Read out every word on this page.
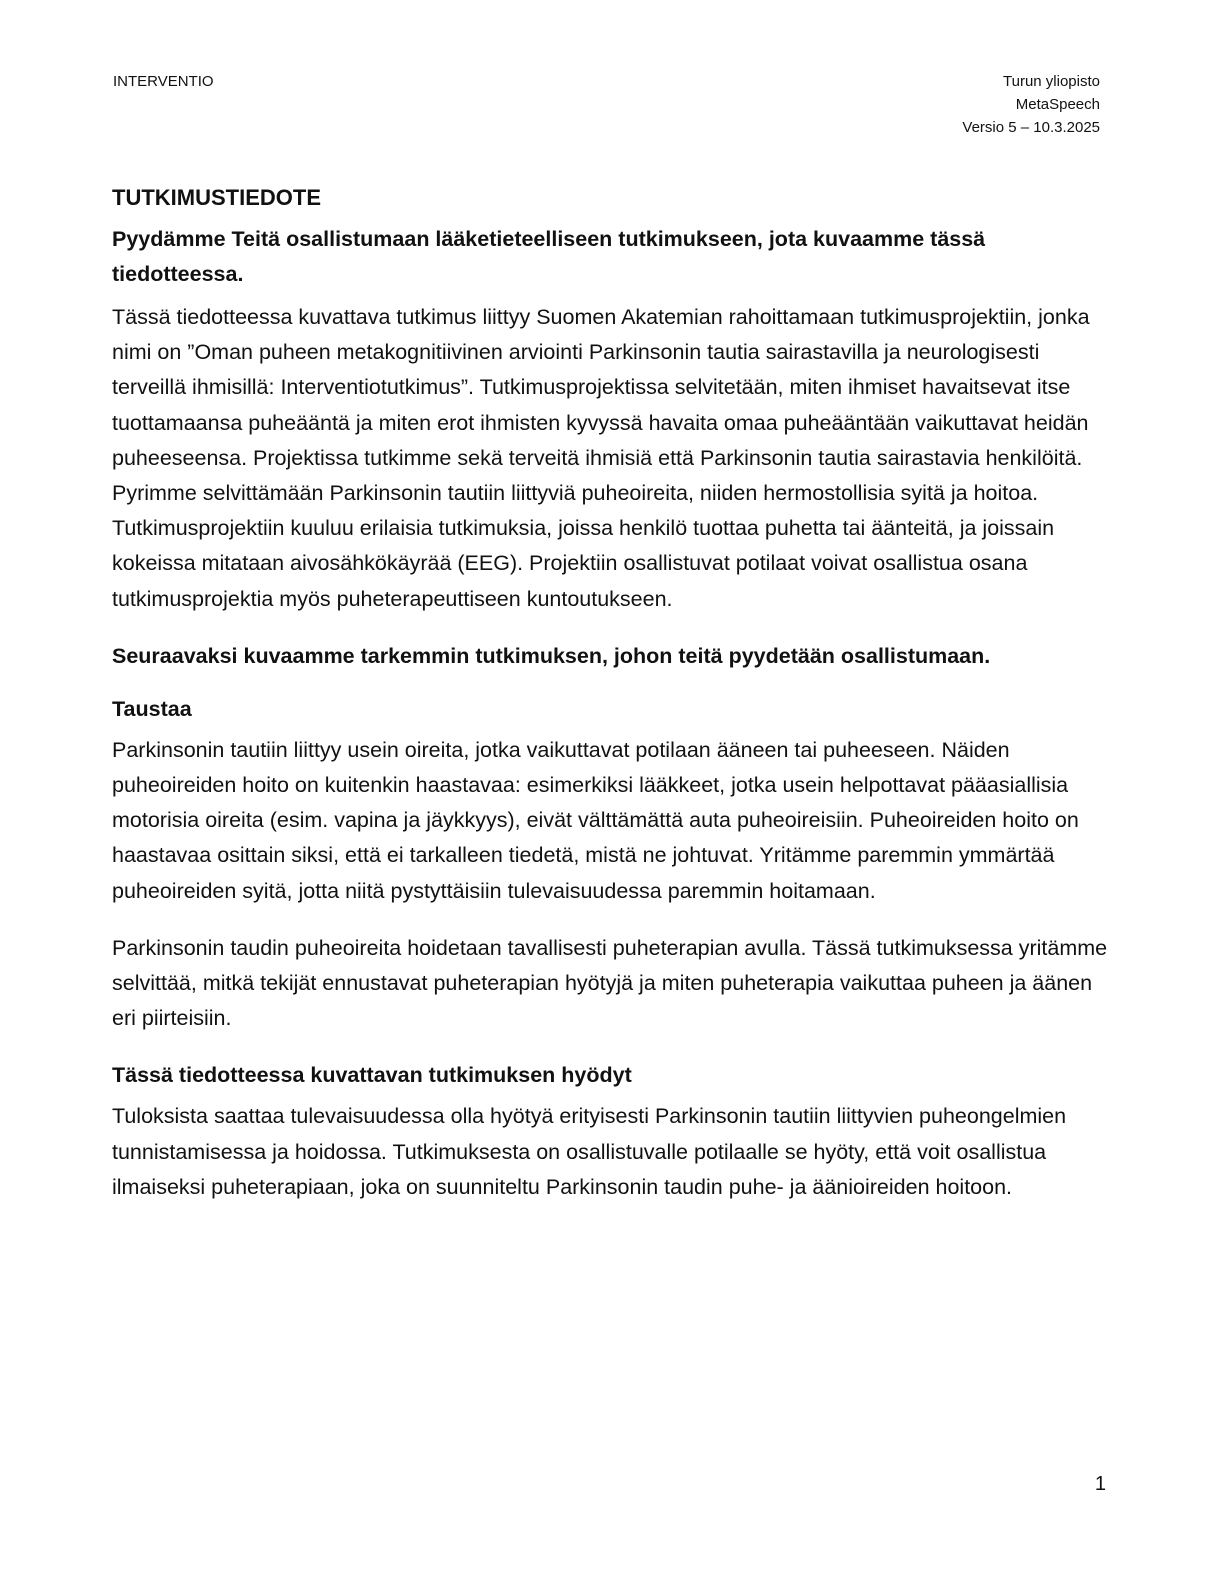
INTERVENTIO	Turun yliopisto
MetaSpeech
Versio 5 – 10.3.2025
TUTKIMUSTIEDOTE
Pyydämme Teitä osallistumaan lääketieteelliseen tutkimukseen, jota kuvaamme tässä tiedotteessa.

Tässä tiedotteessa kuvattava tutkimus liittyy Suomen Akatemian rahoittamaan tutkimusprojektiin, jonka nimi on ”Oman puheen metakognitiivinen arviointi Parkinsonin tautia sairastavilla ja neurologisesti terveillä ihmisillä: Interventiotutkimus”. Tutkimusprojektissa selvitetään, miten ihmiset havaitsevat itse tuottamaansa puheääntä ja miten erot ihmisten kyvyssä havaita omaa puheääntään vaikuttavat heidän puheeseensa. Projektissa tutkimme sekä terveitä ihmisiä että Parkinsonin tautia sairastavia henkilöitä. Pyrimme selvittämään Parkinsonin tautiin liittyviä puheoireita, niiden hermostollisia syitä ja hoitoa. Tutkimusprojektiin kuuluu erilaisia tutkimuksia, joissa henkilö tuottaa puhetta tai äänteitä, ja joissain kokeissa mitataan aivosähkökäyrää (EEG). Projektiin osallistuvat potilaat voivat osallistua osana tutkimusprojektia myös puheterapeuttiseen kuntoutukseen.

Seuraavaksi kuvaamme tarkemmin tutkimuksen, johon teitä pyydetään osallistumaan.
Taustaa

Parkinsonin tautiin liittyy usein oireita, jotka vaikuttavat potilaan ääneen tai puheeseen. Näiden puheoireiden hoito on kuitenkin haastavaa: esimerkiksi lääkkeet, jotka usein helpottavat pääasiallisia motorisia oireita (esim. vapina ja jäykkyys), eivät välttämättä auta puheoireisiin. Puheoireiden hoito on haastavaa osittain siksi, että ei tarkalleen tiedetä, mistä ne johtuvat. Yritämme paremmin ymmärtää puheoireiden syitä, jotta niitä pystyttäisiin tulevaisuudessa paremmin hoitamaan.

Parkinsonin taudin puheoireita hoidetaan tavallisesti puheterapian avulla. Tässä tutkimuksessa yritämme selvittää, mitkä tekijät ennustavat puheterapian hyötyjä ja miten puheterapia vaikuttaa puheen ja äänen eri piirteisiin.

Tässä tiedotteessa kuvattavan tutkimuksen hyödyt

Tuloksista saattaa tulevaisuudessa olla hyötyä erityisesti Parkinsonin tautiin liittyvien puheongelmien tunnistamisessa ja hoidossa. Tutkimuksesta on osallistuvalle potilaalle se hyöty, että voit osallistua ilmaiseksi puheterapiaan, joka on suunniteltu Parkinsonin taudin puhe- ja äänioireiden hoitoon.

1
